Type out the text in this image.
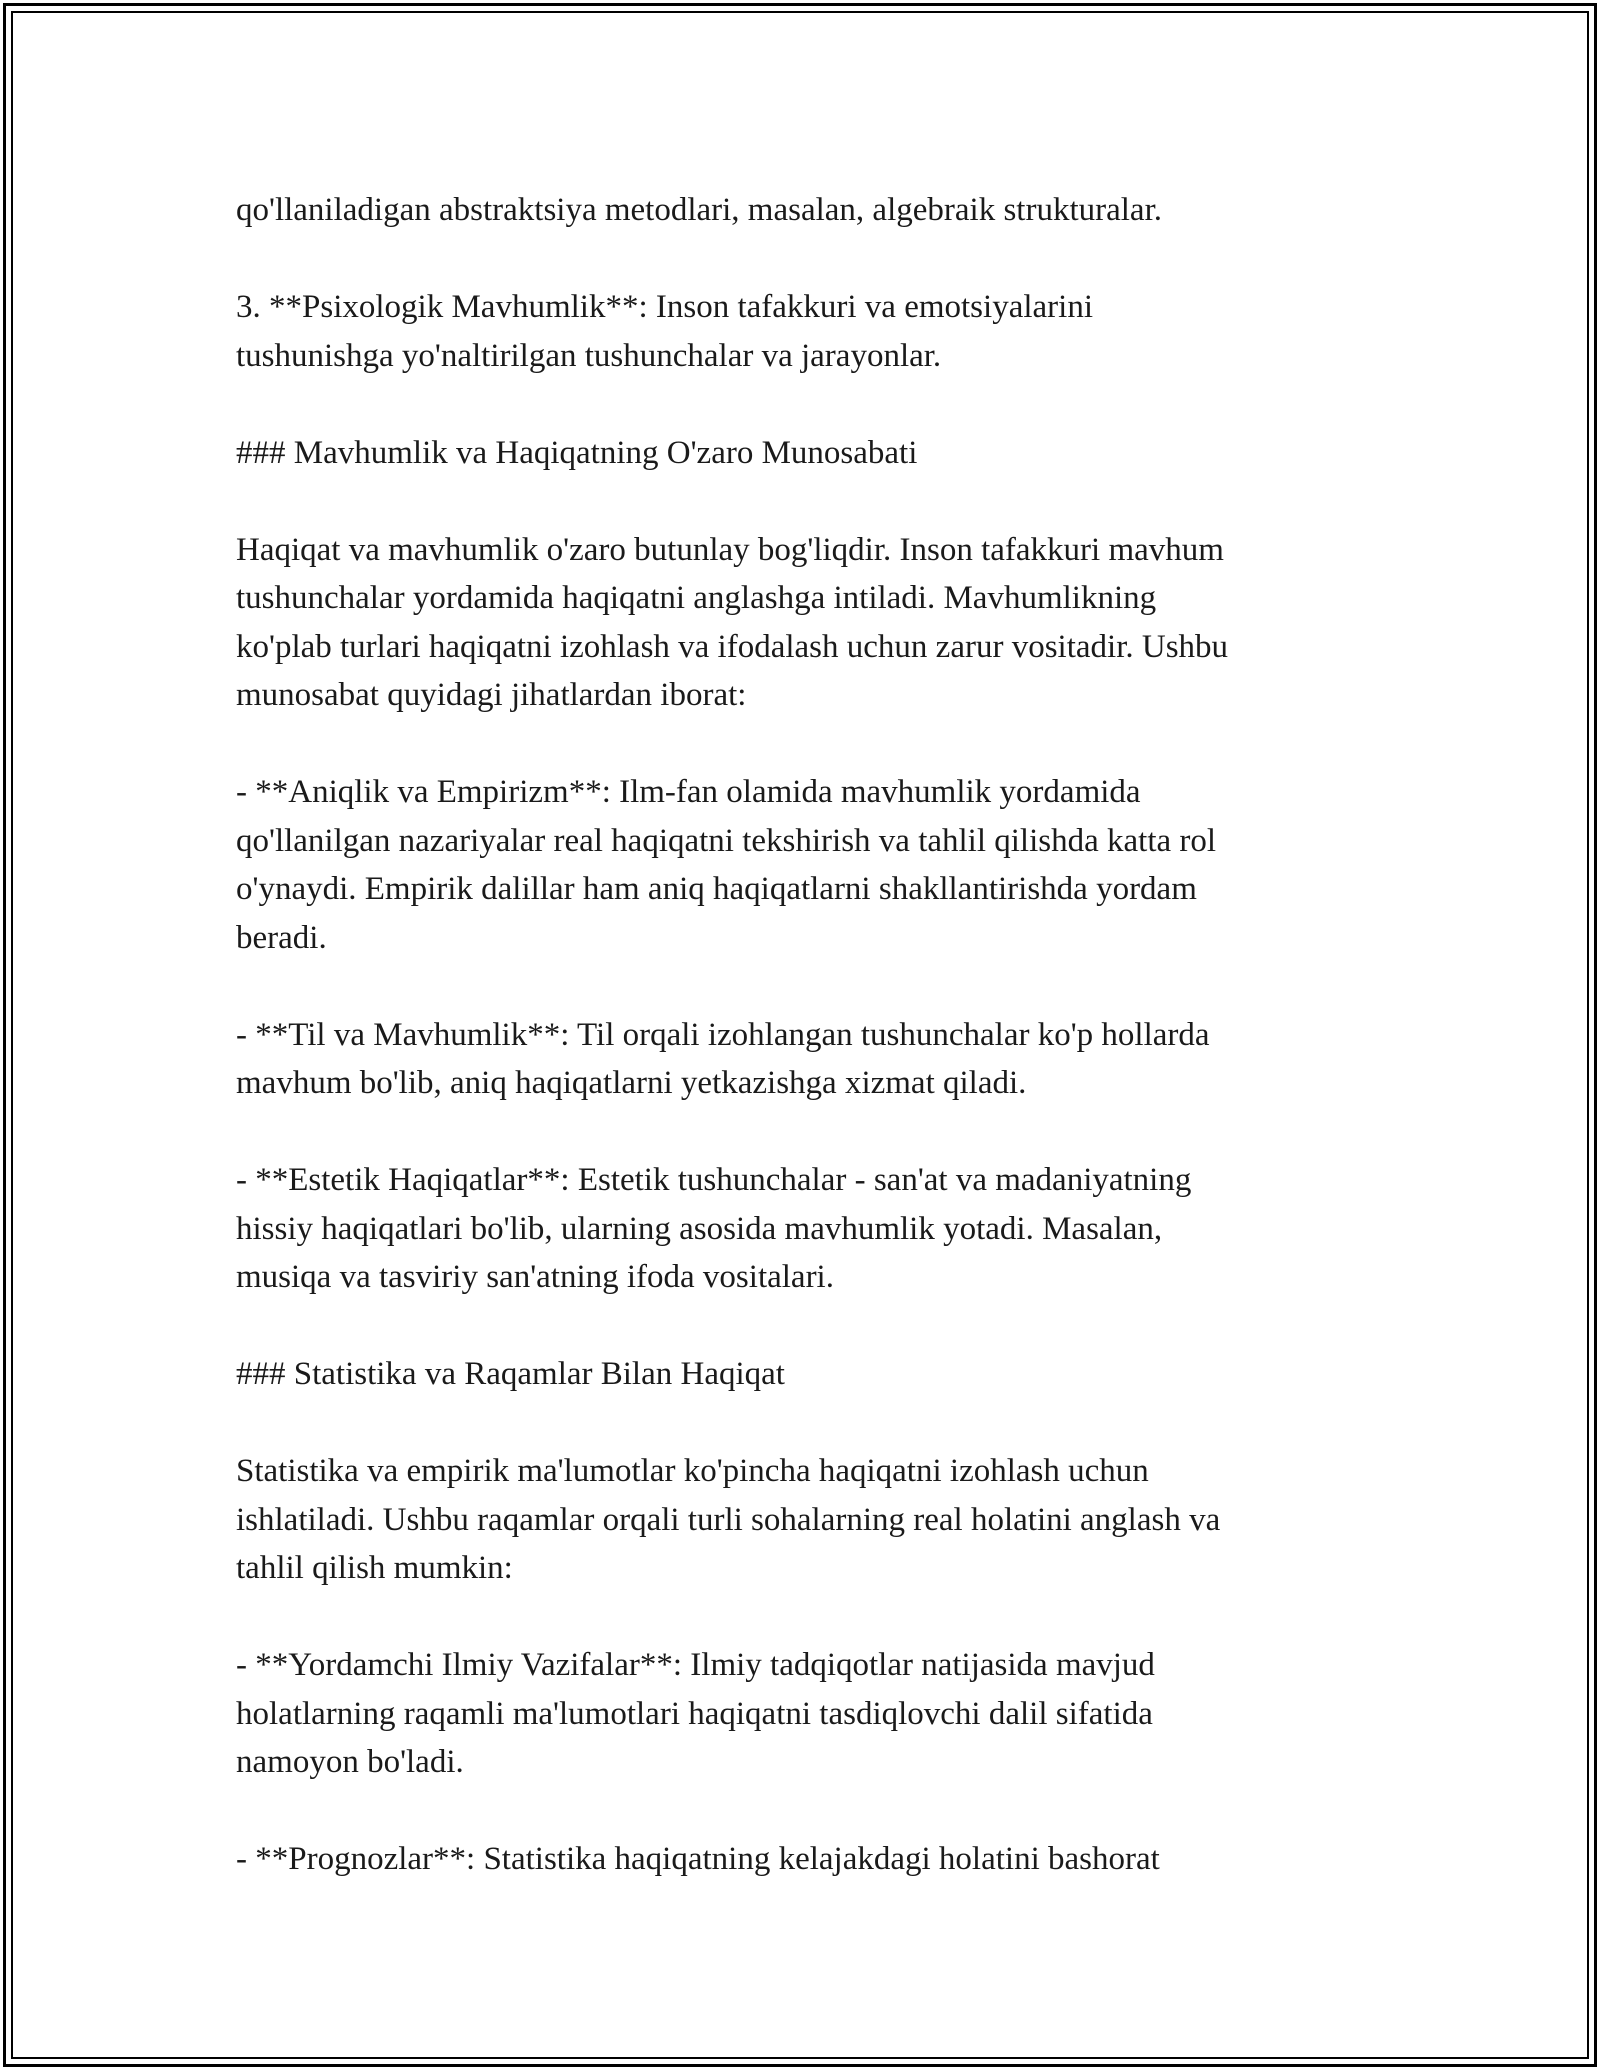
qo'llaniladigan abstraktsiya metodlari, masalan, algebraik strukturalar.

3. **Psixologik Mavhumlik**: Inson tafakkuri va emotsiyalarini
tushunishga yo'naltirilgan tushunchalar va jarayonlar.

### Mavhumlik va Haqiqatning O'zaro Munosabati

Haqiqat va mavhumlik o'zaro butunlay bog'liqdir. Inson tafakkuri mavhum
tushunchalar yordamida haqiqatni anglashga intiladi. Mavhumlikning
ko'plab turlari haqiqatni izohlash va ifodalash uchun zarur vositadir. Ushbu
munosabat quyidagi jihatlardan iborat:

- **Aniqlik va Empirizm**: Ilm-fan olamida mavhumlik yordamida
qo'llanilgan nazariyalar real haqiqatni tekshirish va tahlil qilishda katta rol
o'ynaydi. Empirik dalillar ham aniq haqiqatlarni shakllantirishda yordam
beradi.

- **Til va Mavhumlik**: Til orqali izohlangan tushunchalar ko'p hollarda
mavhum bo'lib, aniq haqiqatlarni yetkazishga xizmat qiladi.

- **Estetik Haqiqatlar**: Estetik tushunchalar - san'at va madaniyatning
hissiy haqiqatlari bo'lib, ularning asosida mavhumlik yotadi. Masalan,
musiqa va tasviriy san'atning ifoda vositalari.

### Statistika va Raqamlar Bilan Haqiqat

Statistika va empirik ma'lumotlar ko'pincha haqiqatni izohlash uchun
ishlatiladi. Ushbu raqamlar orqali turli sohalarning real holatini anglash va
tahlil qilish mumkin:

- **Yordamchi Ilmiy Vazifalar**: Ilmiy tadqiqotlar natijasida mavjud
holatlarning raqamli ma'lumotlari haqiqatni tasdiqlovchi dalil sifatida
namoyon bo'ladi.

- **Prognozlar**: Statistika haqiqatning kelajakdagi holatini bashorat
